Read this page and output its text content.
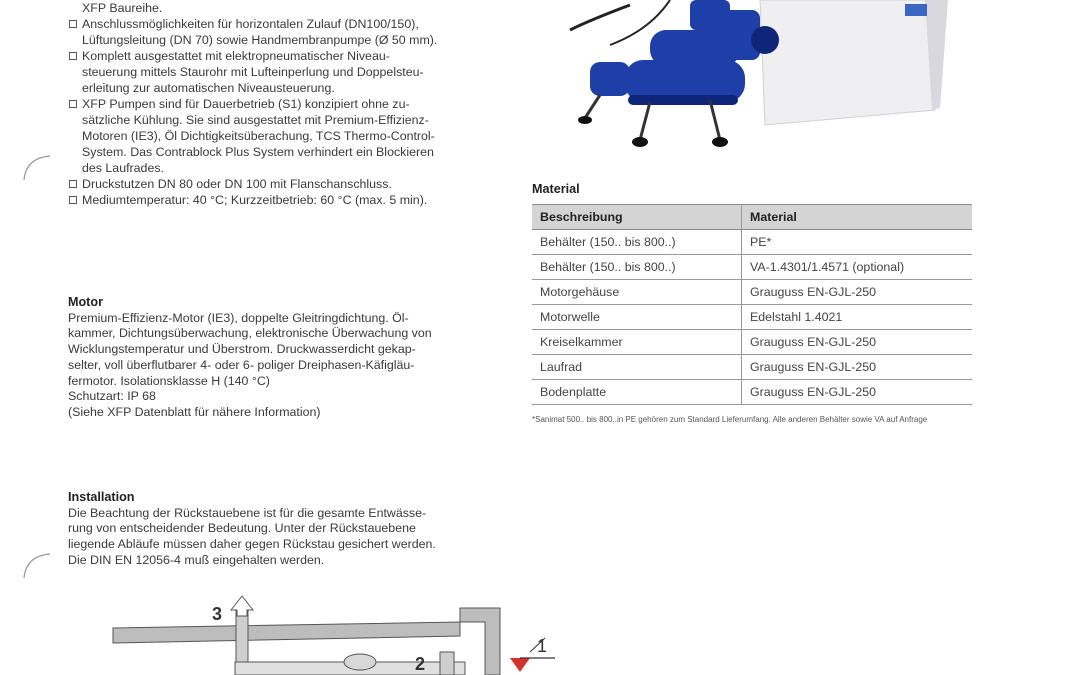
XFP Baureihe.
Anschlussmöglichkeiten für horizontalen Zulauf (DN100/150),
Lüftungsleitung (DN 70) sowie Handmembranpumpe (Ø 50 mm).
Komplett ausgestattet mit elektropneumatischer Niveau-
steuerung mittels Staurohr mit Lufteinperlung und Doppelsteu-
erleitung zur automatischen Niveausteuerung.
XFP Pumpen sind für Dauerbetrieb (S1) konzipiert ohne zu-
sätzliche Kühlung. Sie sind ausgestattet mit Premium-Effizienz-
Motoren (IE3), Öl Dichtigkeitsüberachung, TCS Thermo-Control-
System. Das Contrablock Plus System verhindert ein Blockieren
des Laufrades.
Druckstutzen DN 80 oder DN 100 mit Flanschanschluss.
Mediumtemperatur: 40 °C; Kurzzeitbetrieb: 60 °C (max. 5 min).

Motor

Premium-Effizienz-Motor (IE3), doppelte Gleitringdichtung. Öl-
kammer, Dichtungsüberwachung, elektronische Überwachung von
Wicklungstemperatur und Überstrom. Druckwasserdicht gekap-
selter, voll überflutbarer 4- oder 6- poliger Dreiphasen-Käfigläu-
fermotor. Isolationsklasse H (140 °C)
Schutzart: IP 68
(Siehe XFP Datenblatt für nähere Information)

Installation

Die Beachtung der Rückstauebene ist für die gesamte Entwässe-
rung von entscheidender Bedeutung. Unter der Rückstauebene
liegende Abläufe müssen daher gegen Rückstau gesichert werden.
Die DIN EN 12056-4 muß eingehalten werden.

Material

Beschreibung	Material
Behälter (150.. bis 800..)	PE*
Behälter (150.. bis 800..)	VA-1.4301/1.4571 (optional)
Motorgehäuse	Grauguss EN-GJL-250
Motorwelle	Edelstahl 1.4021
Kreiselkammer	Grauguss EN-GJL-250
Laufrad	Grauguss EN-GJL-250
Bodenplatte	Grauguss EN-GJL-250
*Sanimat 500.. bis 800..in PE gehören zum Standard Lieferumfang. Alle anderen Behälter sowie VA auf Anfrage
3
2
1
